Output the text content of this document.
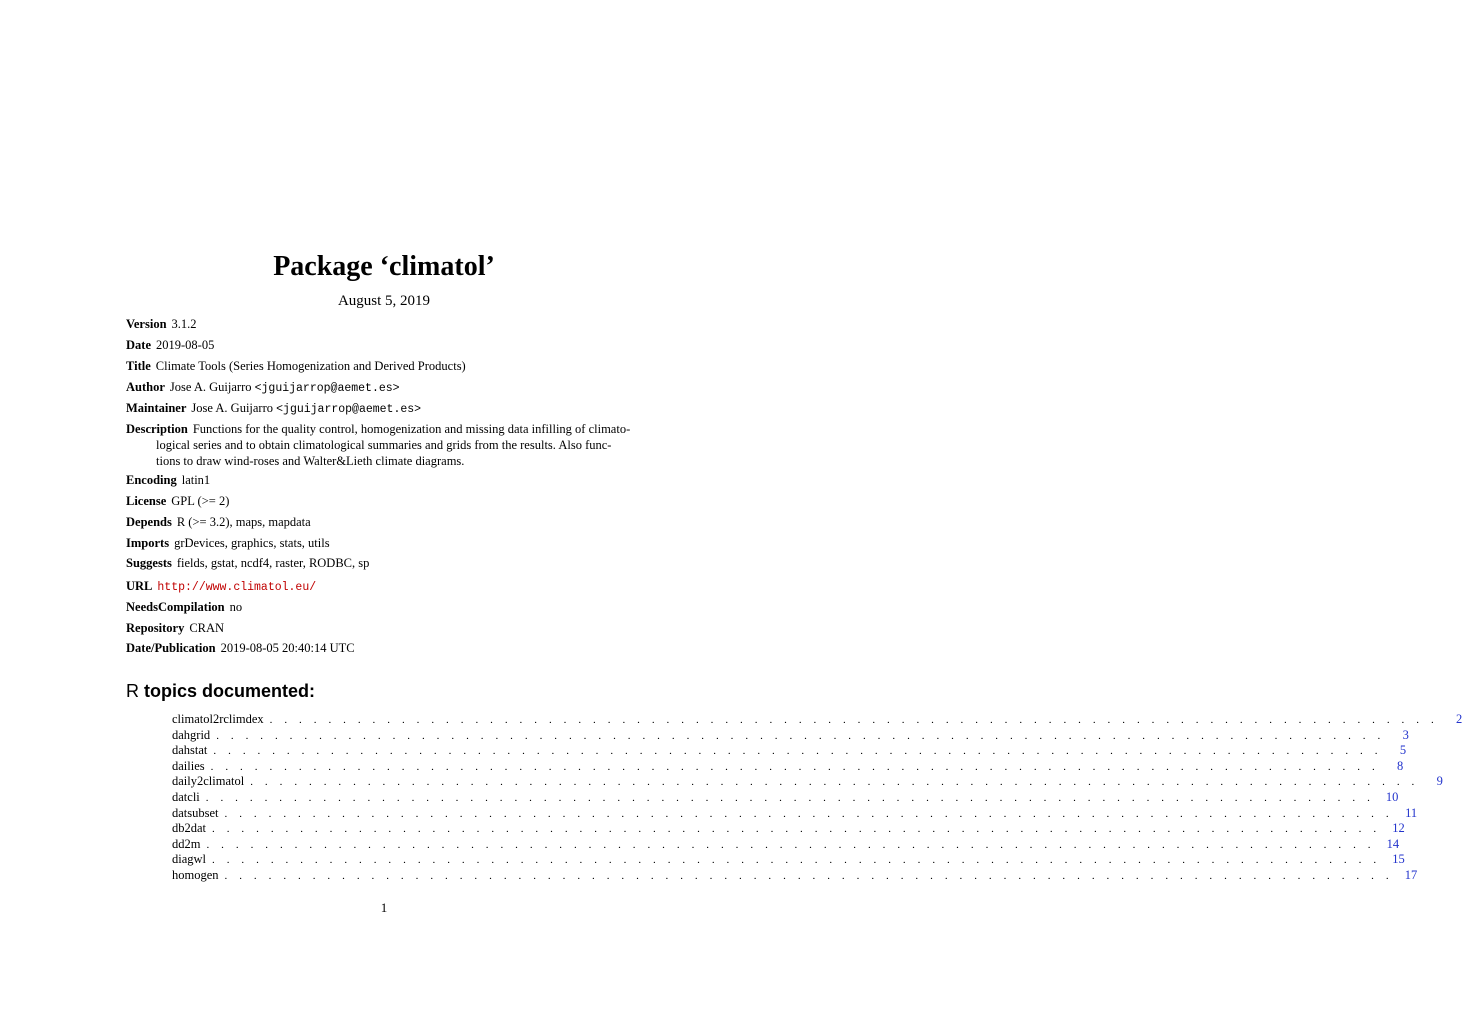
Package ‘climatol’
August 5, 2019
Version 3.1.2
Date 2019-08-05
Title Climate Tools (Series Homogenization and Derived Products)
Author Jose A. Guijarro <jguijarrop@aemet.es>
Maintainer Jose A. Guijarro <jguijarrop@aemet.es>
Description Functions for the quality control, homogenization and missing data infilling of climato-
logical series and to obtain climatological summaries and grids from the results. Also func-
tions to draw wind-roses and Walter&Lieth climate diagrams.
Encoding latin1
License GPL (>= 2)
Depends R (>= 3.2), maps, mapdata
Imports grDevices, graphics, stats, utils
Suggests fields, gstat, ncdf4, raster, RODBC, sp
URL http://www.climatol.eu/
NeedsCompilation no
Repository CRAN
Date/Publication 2019-08-05 20:40:14 UTC
R topics documented:
climatol2rclimdex . . . . . . . . . . . . . . . . . . . . . . . . . . . . . . . . . . . . . . . . . . . . . . . . . . . . . . . . . . . . . . . . . . . . . . . . . . . . . . . .	2
dahgrid . . . . . . . . . . . . . . . . . . . . . . . . . . . . . . . . . . . . . . . . . . . . . . . . . . . . . . . . . . . . . . . . . . . . . . . . . . . . . . . .	3
dahstat . . . . . . . . . . . . . . . . . . . . . . . . . . . . . . . . . . . . . . . . . . . . . . . . . . . . . . . . . . . . . . . . . . . . . . . . . . . . . . . .	5
dailies . . . . . . . . . . . . . . . . . . . . . . . . . . . . . . . . . . . . . . . . . . . . . . . . . . . . . . . . . . . . . . . . . . . . . . . . . . . . . . . .	8
daily2climatol . . . . . . . . . . . . . . . . . . . . . . . . . . . . . . . . . . . . . . . . . . . . . . . . . . . . . . . . . . . . . . . . . . . . . . . . . . . . . . . .	9
datcli . . . . . . . . . . . . . . . . . . . . . . . . . . . . . . . . . . . . . . . . . . . . . . . . . . . . . . . . . . . . . . . . . . . . . . . . . . . . . . . . 10
datsubset . . . . . . . . . . . . . . . . . . . . . . . . . . . . . . . . . . . . . . . . . . . . . . . . . . . . . . . . . . . . . . . . . . . . . . . . . . . . . . . . 11
db2dat . . . . . . . . . . . . . . . . . . . . . . . . . . . . . . . . . . . . . . . . . . . . . . . . . . . . . . . . . . . . . . . . . . . . . . . . . . . . . . . . 12
dd2m . . . . . . . . . . . . . . . . . . . . . . . . . . . . . . . . . . . . . . . . . . . . . . . . . . . . . . . . . . . . . . . . . . . . . . . . . . . . . . . . 14
diagwl . . . . . . . . . . . . . . . . . . . . . . . . . . . . . . . . . . . . . . . . . . . . . . . . . . . . . . . . . . . . . . . . . . . . . . . . . . . . . . . . 15
homogen . . . . . . . . . . . . . . . . . . . . . . . . . . . . . . . . . . . . . . . . . . . . . . . . . . . . . . . . . . . . . . . . . . . . . . . . . . . . . . . . 17
1
